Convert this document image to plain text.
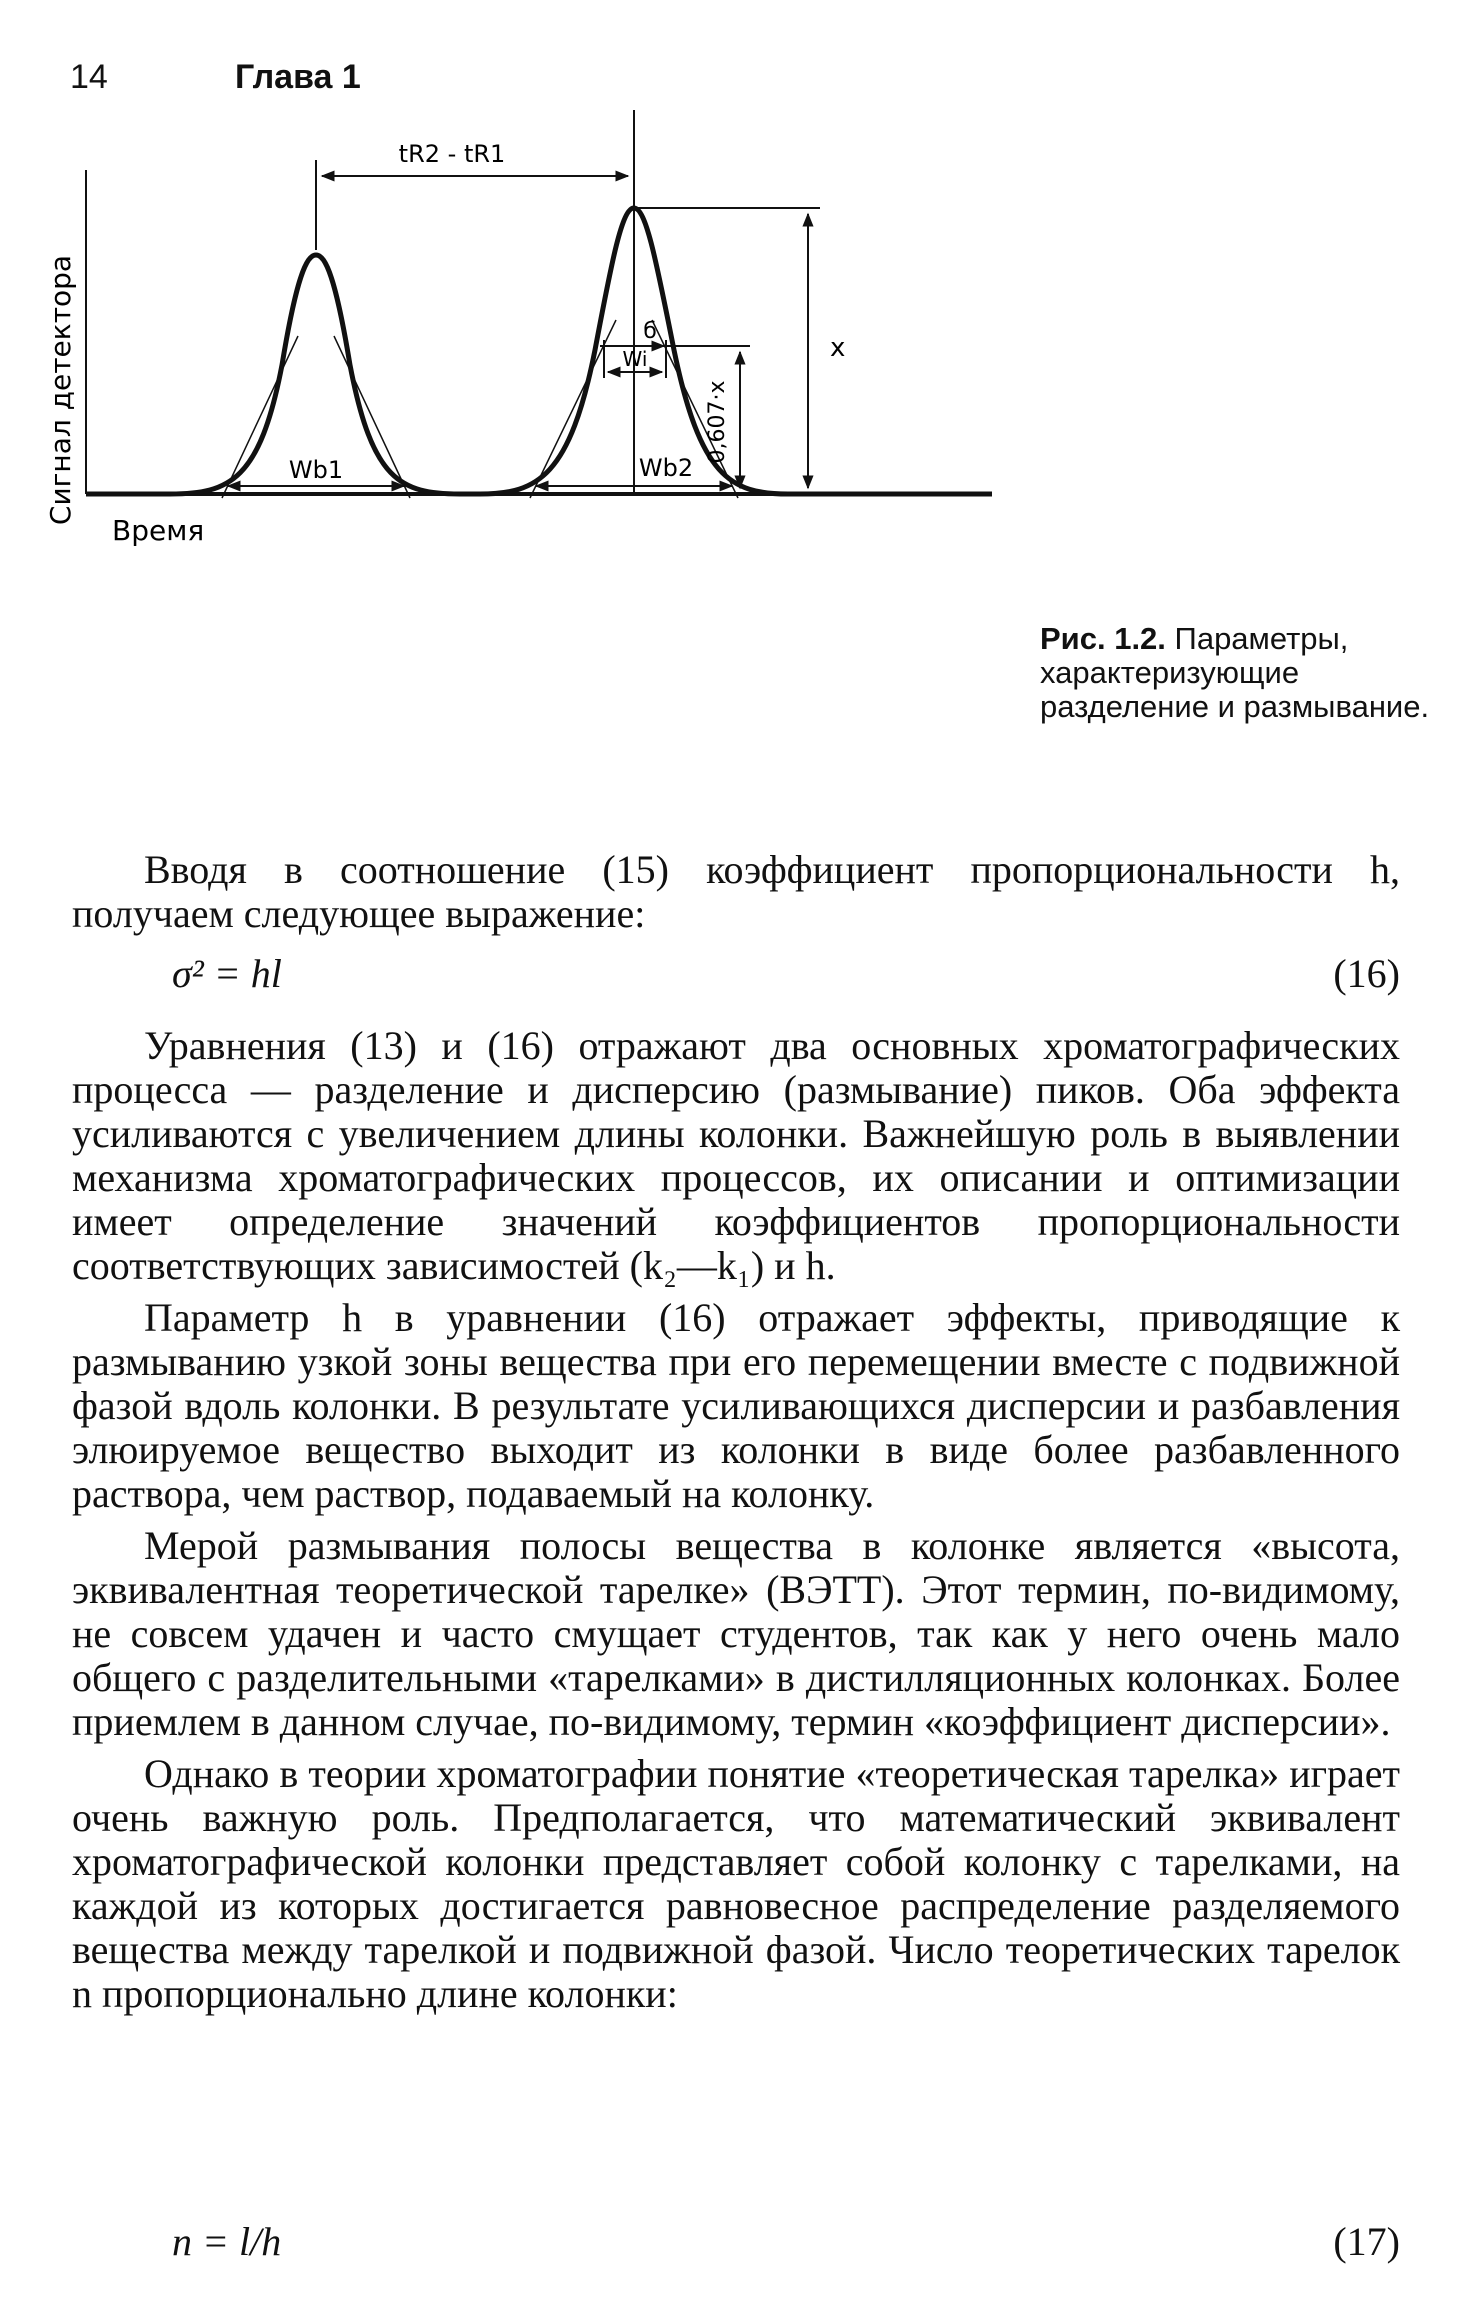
14	Глава 1
tR2 - tR1
x
0,607·x
б
Wi
Wb1	Wb2
Сигнал детектора
Время
Рис. 1.2. Параметры, характеризующие разделение и размывание.

Вводя в соотношение (15) коэффициент пропорциональности h, получаем следующее выражение:

σ² = hl	(16)

Уравнения (13) и (16) отражают два основных хроматографических процесса — разделение и дисперсию (размывание) пиков. Оба эффекта усиливаются с увеличением длины колонки. Важнейшую роль в выявлении механизма хроматографических процессов, их описании и оптимизации имеет определение значений коэффициентов пропорциональности соответствующих зависимостей (k₂—k₁) и h.

Параметр h в уравнении (16) отражает эффекты, приводящие к размыванию узкой зоны вещества при его перемещении вместе с подвижной фазой вдоль колонки. В результате усиливающихся дисперсии и разбавления элюируемое вещество выходит из колонки в виде более разбавленного раствора, чем раствор, подаваемый на колонку.

Мерой размывания полосы вещества в колонке является «высота, эквивалентная теоретической тарелке» (ВЭТТ). Этот термин, по-видимому, не совсем удачен и часто смущает студентов, так как у него очень мало общего с разделительными «тарелками» в дистилляционных колонках. Более приемлем в данном случае, по-видимому, термин «коэффициент дисперсии».

Однако в теории хроматографии понятие «теоретическая тарелка» играет очень важную роль. Предполагается, что математический эквивалент хроматографической колонки представляет собой колонку с тарелками, на каждой из которых достигается равновесное распределение разделяемого вещества между тарелкой и подвижной фазой. Число теоретических тарелок n пропорционально длине колонки:

n = l/h	(17)
